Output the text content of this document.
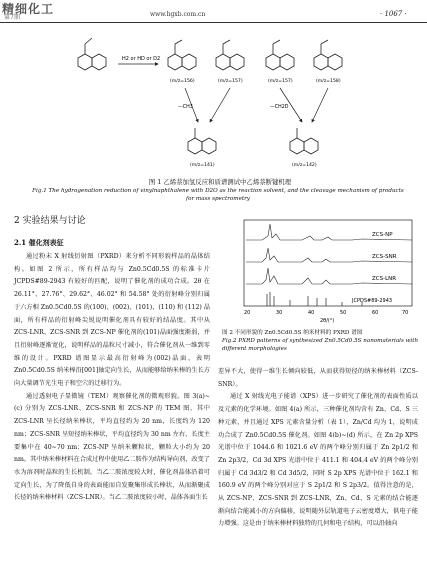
精细化工
第7期	www.hgxb.com.cn	· 1067 ·
H2 or HD or D2
(m/z=156)	(m/z=157)	(m/z=157)	(m/z=158)
—CH3	—CH2D
(m/z=141)	(m/z=142)
图 1 乙烯萘加氢反应和质谱测试中乙烯萘断键机理
Fig.1 The hydrogenation reduction of vinylnaphthalene with D2O as the reaction solvent, and the cleavage mechanism of products for mass spectrometry
2 实验结果与讨论
2.1 催化剂表征

通过粉末 X 射线衍射图（PXRD）来分析不同形貌样品的晶体结构。如图 2 所示，所有样品均与 Zn0.5Cd0.5S 的标准卡片 JCPDS#89-2943 有较好的匹配，说明了催化剂的成功合成。2θ 在 26.11°、27.76°、29.62°、46.02° 和 54.58° 处的衍射峰分别归属于六方相 Zn0.5Cd0.5S 的(100)、(002)、(101)、(110) 和 (112) 晶面，所有样品的衍射峰尖锐说明催化剂具有较好的结晶度。其中从 ZCS-LNR、ZCS-SNR 到 ZCS-NP 催化剂的(101)晶面强度渐弱，并且衍射峰逐渐宽化，说明样品的晶粒尺寸减小，符合催化剂从一维到零维的设计。PXRD 谱图显示最高衍射峰为(002)晶面，表明 Zn0.5Cd0.5S 纳米棒沿[001]轴定向生长，从而能够给纳米棒的生长方向大量调节光生电子和空穴的迁移行为。

通过透射电子显微镜（TEM）观察催化剂的微观形貌。图 3(a)~(c) 分别为 ZCS-LNR、ZCS-SNR 和 ZCS-NP 的 TEM 图，其中 ZCS-LNR 呈长径纳米棒状，平均直径约为 20 nm，长度约为 120 nm；ZCS-SNR 呈短径纳米棒状，平均直径约为 30 nm 左右，长度主要集中在 40~70 nm；ZCS-NP 呈纳米颗粒状，颗粒大小约为 20 nm。其中纳米棒材料在合成过程中使用乙二胺作为结构导向剂，改变了水为溶剂时晶粒的生长机制。当乙二胺浓度较大时，催化剂晶体沿着可定向生长，为了降低自身的表面能而自发聚集形成长棒状，从而渐聚成长径的纳米棒材料（ZCS-LNR）。当乙二胺浓度较小时，晶体各面生长

ZCS-NP
ZCS-SNR
ZCS-LNR
JCPDS#89-2943
20	30	40	50	60	70
2θ/(°)
图 2 不同形貌的 Zn0.5Cd0.5S 纳米材料的 PXRD 谱图
Fig.2 PXRD patterns of synthesized Zn0.5Cd0.5S nanomaterials with different morphologies

差异不大，使得一维生长倾向较低，从而获得短径的纳米棒材料（ZCS-SNR）。

通过 X 射线光电子能谱（XPS）进一步研究了催化剂的表面性质以及元素的化学环境。如图 4(a) 所示，三种催化剂均含有 Zn、Cd、S 三种元素，并且通过 XPS 元素含量分析（表 1），Zn/Cd 均为 1，说明成功合成了 Zn0.5Cd0.5S 催化剂。如图 4(b)~(d) 所示，在 Zn 2p XPS 光谱中位于 1044.6 和 1021.6 eV 的两个峰分别归属于 Zn 2p1/2 和 Zn 2p3/2，Cd 3d XPS 光谱中位于 411.1 和 404.4 eV 的两个峰分别归属于 Cd 3d3/2 和 Cd 3d5/2，同时 S 2p XPS 光谱中位于 162.1 和 160.9 eV 的两个峰分别对应于 S 2p1/2 和 S 2p3/2。值得注意的是，从 ZCS-NP、ZCS-SNR 到 ZCS-LNR，Zn、Cd、S 元素的结合能逐渐向结合能减小的方向偏移，说明随外层轨道电子云密度增大，供电子能力增强。这是由于纳米棒材料独特的几何和电子结构，可以沿轴向
